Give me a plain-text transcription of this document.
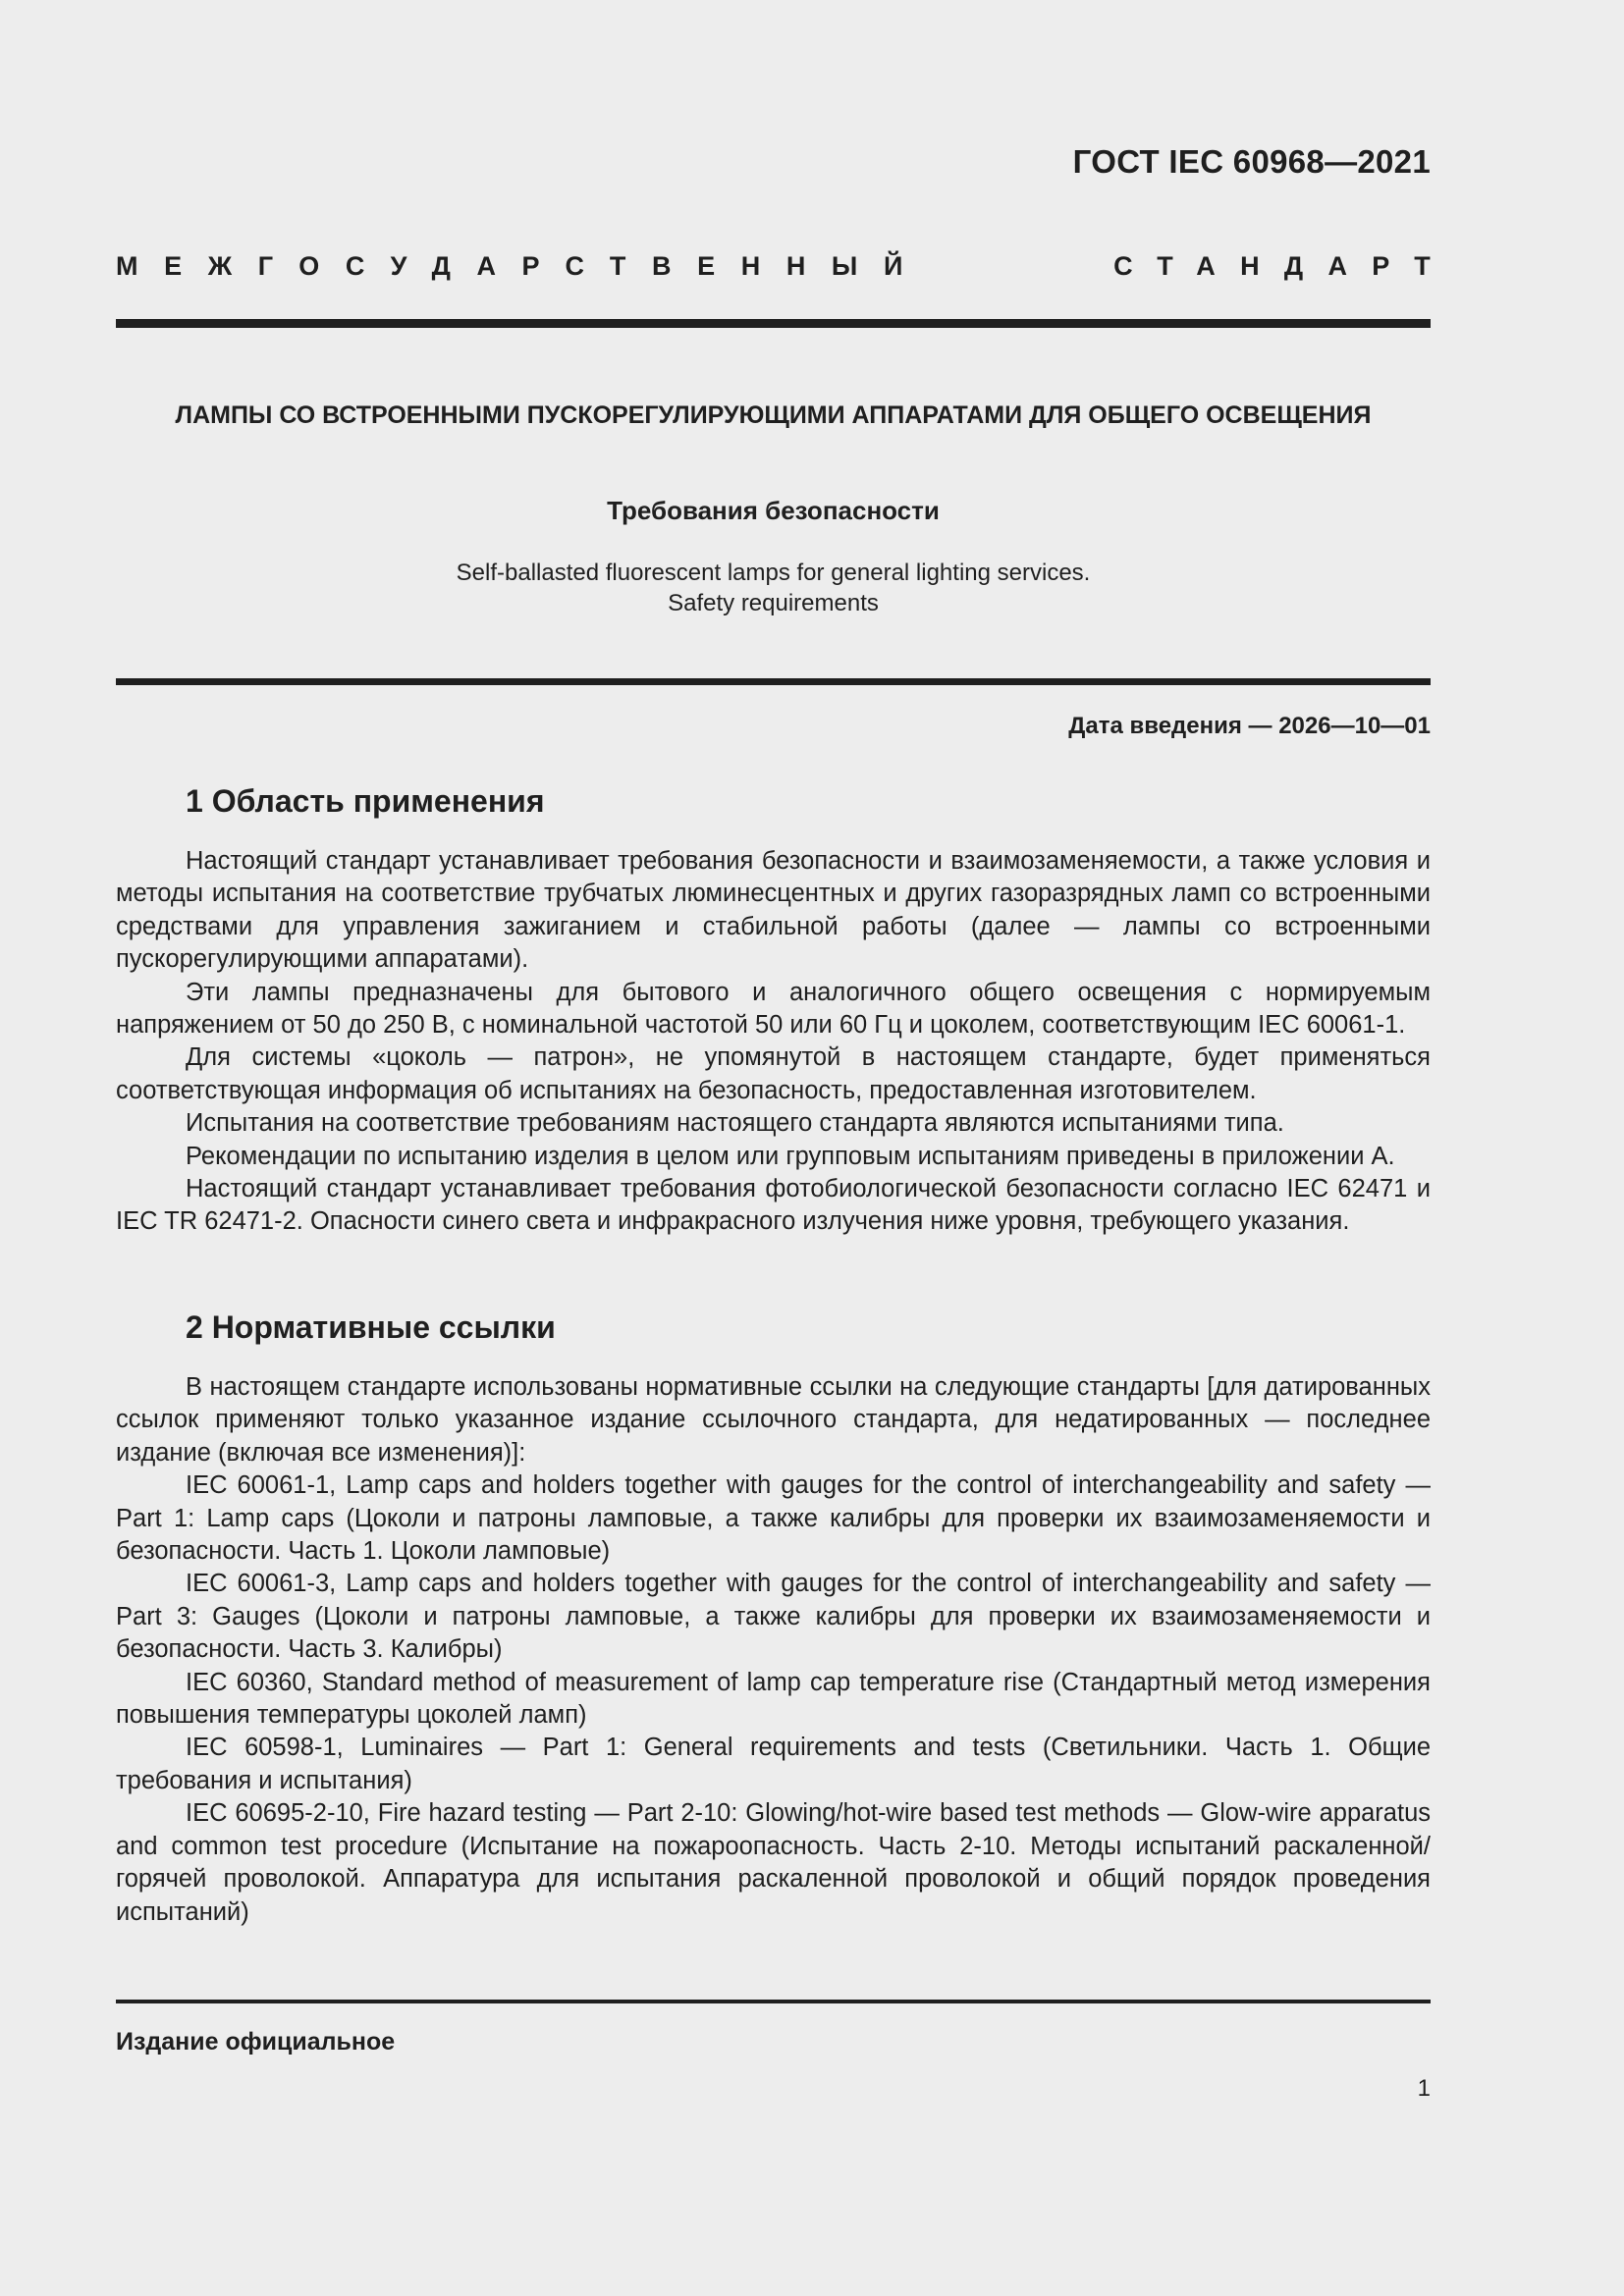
ГОСТ IEC 60968—2021
МЕЖГОСУДАРСТВЕННЫЙ	СТАНДАРТ
ЛАМПЫ СО ВСТРОЕННЫМИ ПУСКОРЕГУЛИРУЮЩИМИ АППАРАТАМИ ДЛЯ ОБЩЕГО ОСВЕЩЕНИЯ
Требования безопасности
Self-ballasted fluorescent lamps for general lighting services.
Safety requirements
Дата введения — 2026—10—01
1 Область применения

Настоящий стандарт устанавливает требования безопасности и взаимозаменяемости, а также условия и методы испытания на соответствие трубчатых люминесцентных и других газоразрядных ламп со встроенными средствами для управления зажиганием и стабильной работы (далее — лампы со встроенными пускорегулирующими аппаратами).

Эти лампы предназначены для бытового и аналогичного общего освещения с нормируемым напряжением от 50 до 250 В, с номинальной частотой 50 или 60 Гц и цоколем, соответствующим IEC 60061-1.

Для системы «цоколь — патрон», не упомянутой в настоящем стандарте, будет применяться соответствующая информация об испытаниях на безопасность, предоставленная изготовителем.

Испытания на соответствие требованиям настоящего стандарта являются испытаниями типа.

Рекомендации по испытанию изделия в целом или групповым испытаниям приведены в приложении А.

Настоящий стандарт устанавливает требования фотобиологической безопасности согласно IEC 62471 и IEC TR 62471-2. Опасности синего света и инфракрасного излучения ниже уровня, требующего указания.

2 Нормативные ссылки

В настоящем стандарте использованы нормативные ссылки на следующие стандарты [для датированных ссылок применяют только указанное издание ссылочного стандарта, для недатированных — последнее издание (включая все изменения)]:

IEC 60061-1, Lamp caps and holders together with gauges for the control of interchangeability and safety — Part 1: Lamp caps (Цоколи и патроны ламповые, а также калибры для проверки их взаимозаменяемости и безопасности. Часть 1. Цоколи ламповые)

IEC 60061-3, Lamp caps and holders together with gauges for the control of interchangeability and safety — Part 3: Gauges (Цоколи и патроны ламповые, а также калибры для проверки их взаимозаменяемости и безопасности. Часть 3. Калибры)

IEC 60360, Standard method of measurement of lamp cap temperature rise (Стандартный метод измерения повышения температуры цоколей ламп)

IEC 60598-1, Luminaires — Part 1: General requirements and tests (Светильники. Часть 1. Общие требования и испытания)

IEC 60695-2-10, Fire hazard testing — Part 2-10: Glowing/hot-wire based test methods — Glow-wire apparatus and common test procedure (Испытание на пожароопасность. Часть 2-10. Методы испытаний раскаленной/горячей проволокой. Аппаратура для испытания раскаленной проволокой и общий порядок проведения испытаний)

Издание официальное
1
